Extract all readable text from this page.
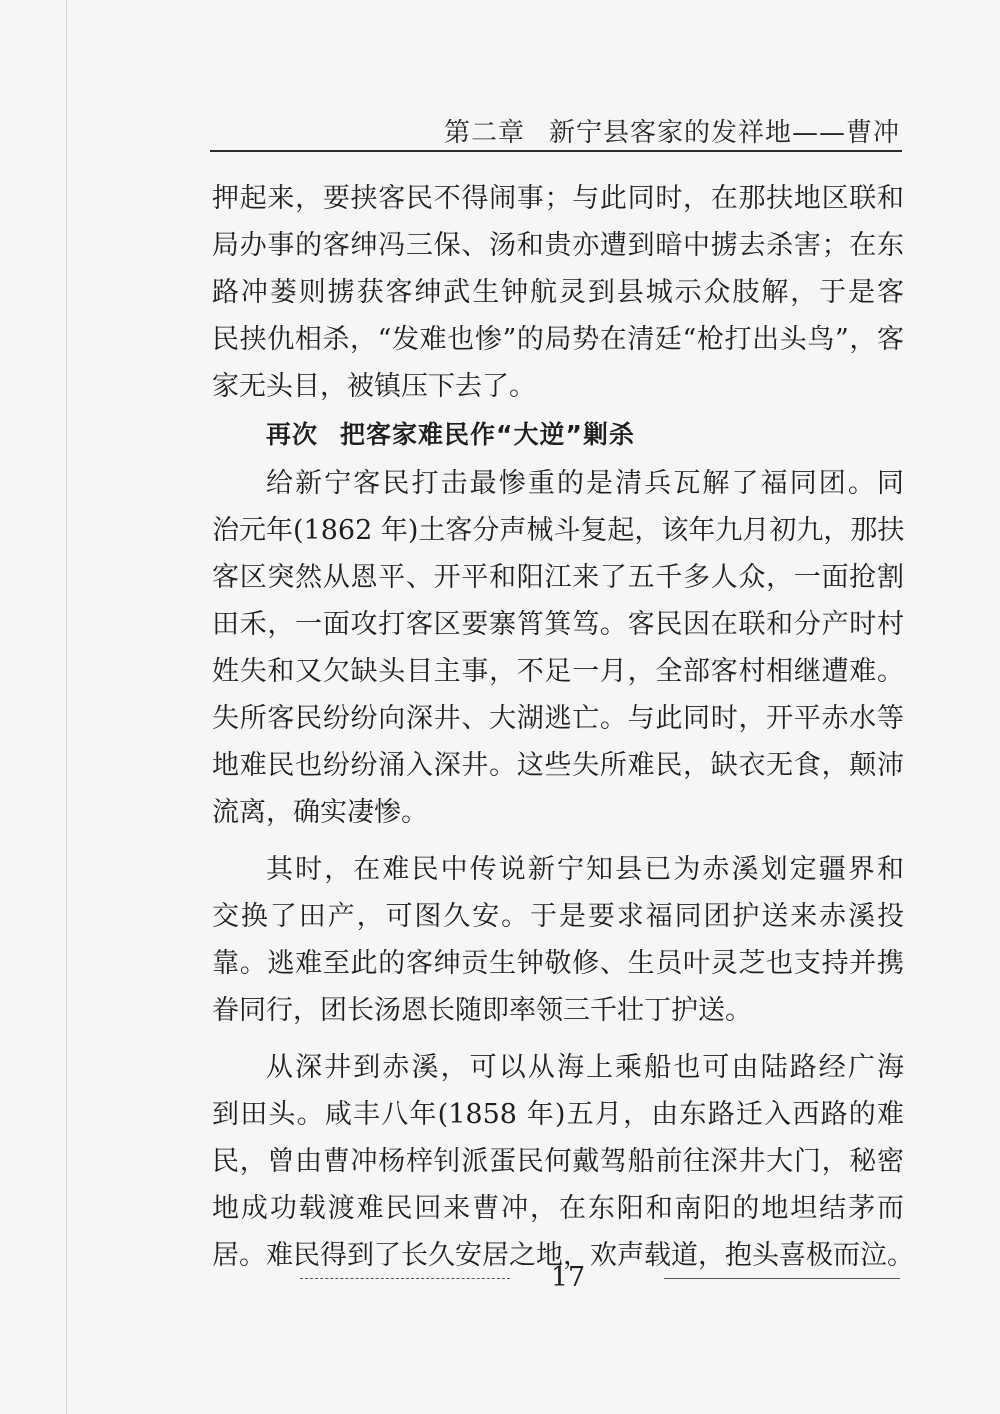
第二章 新宁县客家的发祥地——曹冲
押起来，要挟客民不得闹事；与此同时，在那扶地区联和
局办事的客绅冯三保、汤和贵亦遭到暗中掳去杀害；在东
路冲蒌则掳获客绅武生钟航灵到县城示众肢解，于是客
民挟仇相杀，“发难也惨”的局势在清廷“枪打出头鸟”，客
家无头目，被镇压下去了。
再次 把客家难民作“大逆”剿杀
给新宁客民打击最惨重的是清兵瓦解了福同团。同
治元年(1862 年)土客分声械斗复起，该年九月初九，那扶
客区突然从恩平、开平和阳江来了五千多人众，一面抢割
田禾，一面攻打客区要寨筲箕笃。客民因在联和分产时村
姓失和又欠缺头目主事，不足一月，全部客村相继遭难。
失所客民纷纷向深井、大湖逃亡。与此同时，开平赤水等
地难民也纷纷涌入深井。这些失所难民，缺衣无食，颠沛
流离，确实凄惨。
其时，在难民中传说新宁知县已为赤溪划定疆界和
交换了田产，可图久安。于是要求福同团护送来赤溪投
靠。逃难至此的客绅贡生钟敬修、生员叶灵芝也支持并携
眷同行，团长汤恩长随即率领三千壮丁护送。
从深井到赤溪，可以从海上乘船也可由陆路经广海
到田头。咸丰八年(1858 年)五月，由东路迁入西路的难
民，曾由曹冲杨梓钊派蛋民何戴驾船前往深井大门，秘密
地成功载渡难民回来曹冲，在东阳和南阳的地坦结茅而
居。难民得到了长久安居之地，欢声载道，抱头喜极而泣。
17
